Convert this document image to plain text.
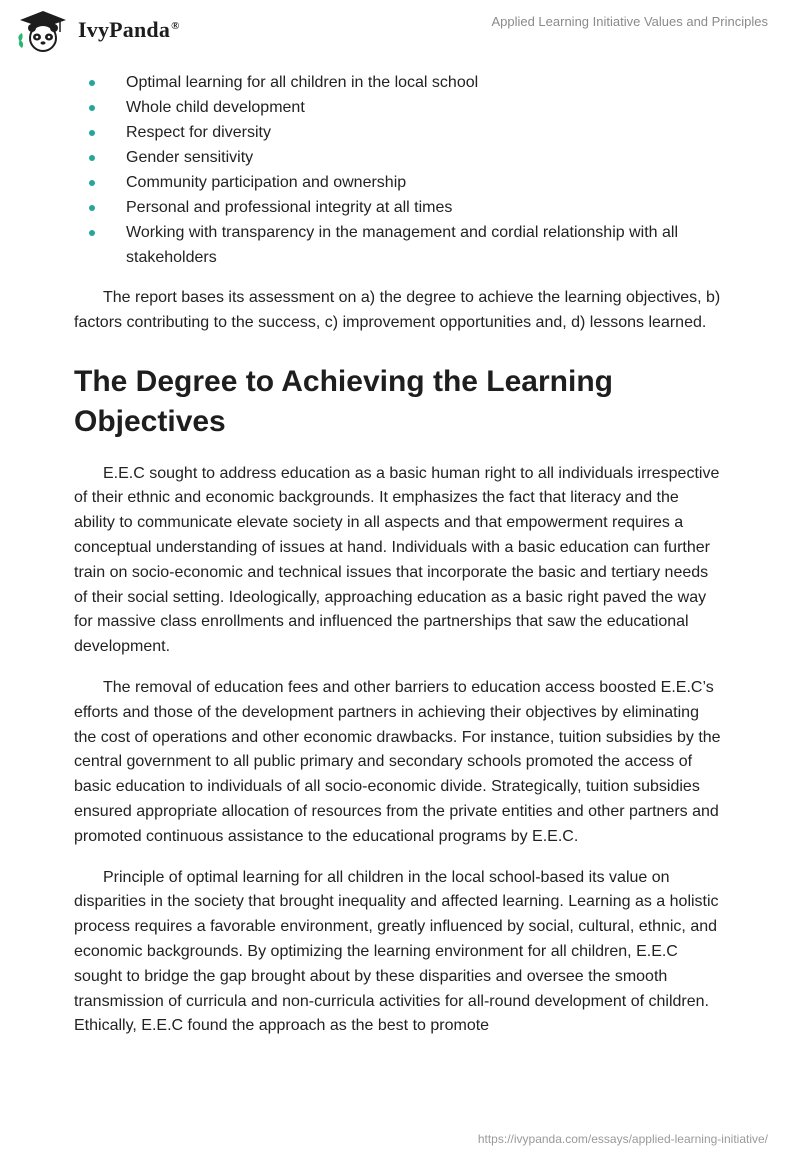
IvyPanda®	Applied Learning Initiative Values and Principles
Optimal learning for all children in the local school
Whole child development
Respect for diversity
Gender sensitivity
Community participation and ownership
Personal and professional integrity at all times
Working with transparency in the management and cordial relationship with all stakeholders

The report bases its assessment on a) the degree to achieve the learning objectives, b) factors contributing to the success, c) improvement opportunities and, d) lessons learned.

The Degree to Achieving the Learning Objectives

E.E.C sought to address education as a basic human right to all individuals irrespective of their ethnic and economic backgrounds. It emphasizes the fact that literacy and the ability to communicate elevate society in all aspects and that empowerment requires a conceptual understanding of issues at hand. Individuals with a basic education can further train on socio-economic and technical issues that incorporate the basic and tertiary needs of their social setting. Ideologically, approaching education as a basic right paved the way for massive class enrollments and influenced the partnerships that saw the educational development.

The removal of education fees and other barriers to education access boosted E.E.C’s efforts and those of the development partners in achieving their objectives by eliminating the cost of operations and other economic drawbacks. For instance, tuition subsidies by the central government to all public primary and secondary schools promoted the access of basic education to individuals of all socio-economic divide. Strategically, tuition subsidies ensured appropriate allocation of resources from the private entities and other partners and promoted continuous assistance to the educational programs by E.E.C.

Principle of optimal learning for all children in the local school-based its value on disparities in the society that brought inequality and affected learning. Learning as a holistic process requires a favorable environment, greatly influenced by social, cultural, ethnic, and economic backgrounds. By optimizing the learning environment for all children, E.E.C sought to bridge the gap brought about by these disparities and oversee the smooth transmission of curricula and non-curricula activities for all-round development of children. Ethically, E.E.C found the approach as the best to promote

https://ivypanda.com/essays/applied-learning-initiative/
